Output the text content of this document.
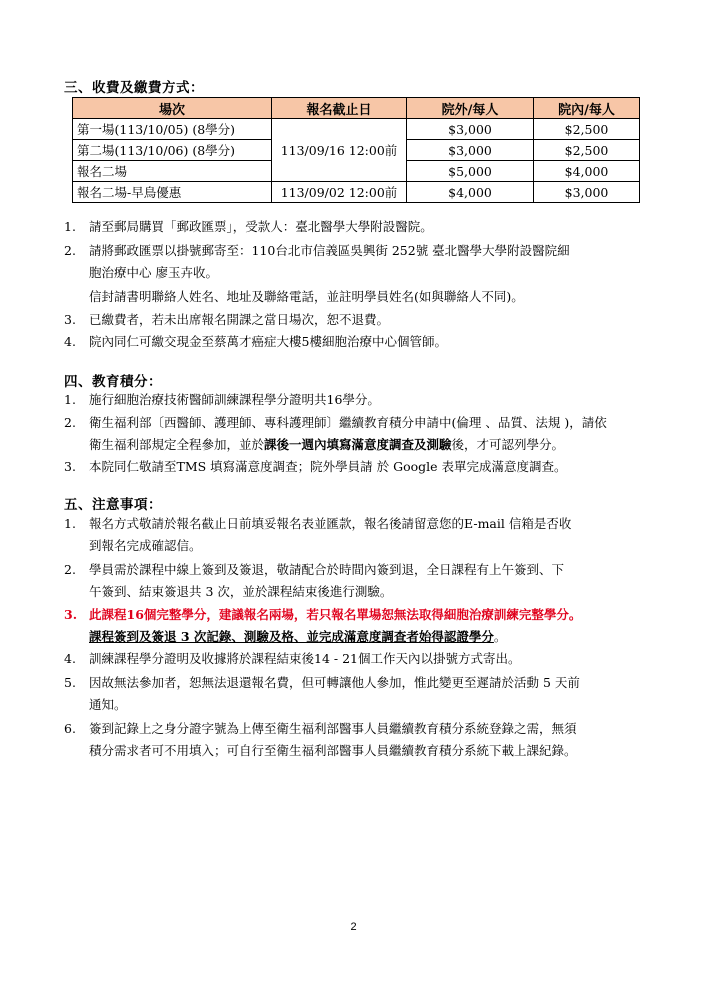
三、收費及繳費方式：
場次	報名截止日	院外/每人	院內/每人
第一場(113/10/05) (8學分)	113/09/16 12:00前	$3,000	$2,500
第二場(113/10/06) (8學分)		$3,000	$2,500
報名二場		$5,000	$4,000
報名二場-早鳥優惠	113/09/02 12:00前	$4,000	$3,000
1. 請至郵局購買「郵政匯票」，受款人：臺北醫學大學附設醫院。
2. 請將郵政匯票以掛號郵寄至：110台北市信義區吳興街 252號 臺北醫學大學附設醫院細
胞治療中心 廖玉卉收。
信封請書明聯絡人姓名、地址及聯絡電話，並註明學員姓名(如與聯絡人不同)。
3. 已繳費者，若未出席報名開課之當日場次，恕不退費。
4. 院內同仁可繳交現金至蔡萬才癌症大樓5樓細胞治療中心個管師。
四、教育積分：
1. 施行細胞治療技術醫師訓練課程學分證明共16學分。
2. 衛生福利部〔西醫師、護理師、專科護理師〕繼續教育積分申請中(倫理 、品質、法規 )，請依
衛生福利部規定全程參加，並於課後一週內填寫滿意度調查及測驗後，才可認列學分。
3. 本院同仁敬請至TMS 填寫滿意度調查；院外學員請 於 Google 表單完成滿意度調查。
五、注意事項：
1. 報名方式敬請於報名截止日前填妥報名表並匯款，報名後請留意您的E-mail 信箱是否收
到報名完成確認信。
2. 學員需於課程中線上簽到及簽退，敬請配合於時間內簽到退，全日課程有上午簽到、下
午簽到、結束簽退共 3 次，並於課程結束後進行測驗。
3. 此課程16個完整學分，建議報名兩場，若只報名單場恕無法取得細胞治療訓練完整學分。
課程簽到及簽退 3 次記錄、測驗及格、並完成滿意度調查者始得認證學分。
4. 訓練課程學分證明及收據將於課程結束後14 - 21個工作天內以掛號方式寄出。
5. 因故無法參加者，恕無法退還報名費，但可轉讓他人參加，惟此變更至遲請於活動 5 天前
通知。
6. 簽到記錄上之身分證字號為上傳至衛生福利部醫事人員繼續教育積分系統登錄之需，無須
積分需求者可不用填入；可自行至衛生福利部醫事人員繼續教育積分系統下載上課紀錄。
2
